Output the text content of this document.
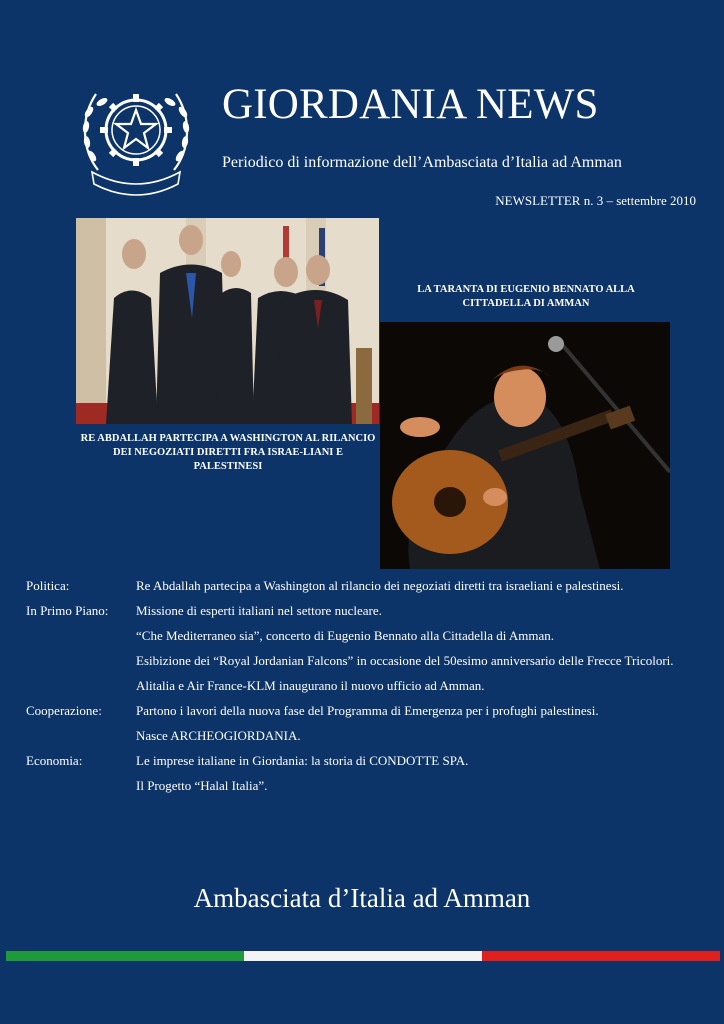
GIORDANIA NEWS
Periodico di informazione dell’Ambasciata d’Italia ad Amman
NEWSLETTER n. 3 – settembre 2010
RE ABDALLAH PARTECIPA A WASHINGTON AL RILANCIO DEI NEGOZIATI DIRETTI FRA ISRAE-LIANI E PALESTINESI
LA TARANTA DI EUGENIO BENNATO ALLA CITTADELLA DI AMMAN
Politica:	Re Abdallah partecipa a Washington al rilancio dei negoziati diretti tra israeliani e palestinesi.
In Primo Piano:	Missione di esperti italiani nel settore nucleare.
“Che Mediterraneo sia”, concerto di Eugenio Bennato alla Cittadella di Amman.
Esibizione dei “Royal Jordanian Falcons” in occasione del 50esimo anniversario delle Frecce Tricolori.
Alitalia e Air France-KLM inaugurano il nuovo ufficio ad Amman.
Cooperazione:	Partono i lavori della nuova fase del Programma di Emergenza per i profughi palestinesi.
Nasce ARCHEOGIORDANIA.
Economia:	Le imprese italiane in Giordania: la storia di CONDOTTE SPA.
Il Progetto “Halal Italia”.
Ambasciata d’Italia ad Amman
